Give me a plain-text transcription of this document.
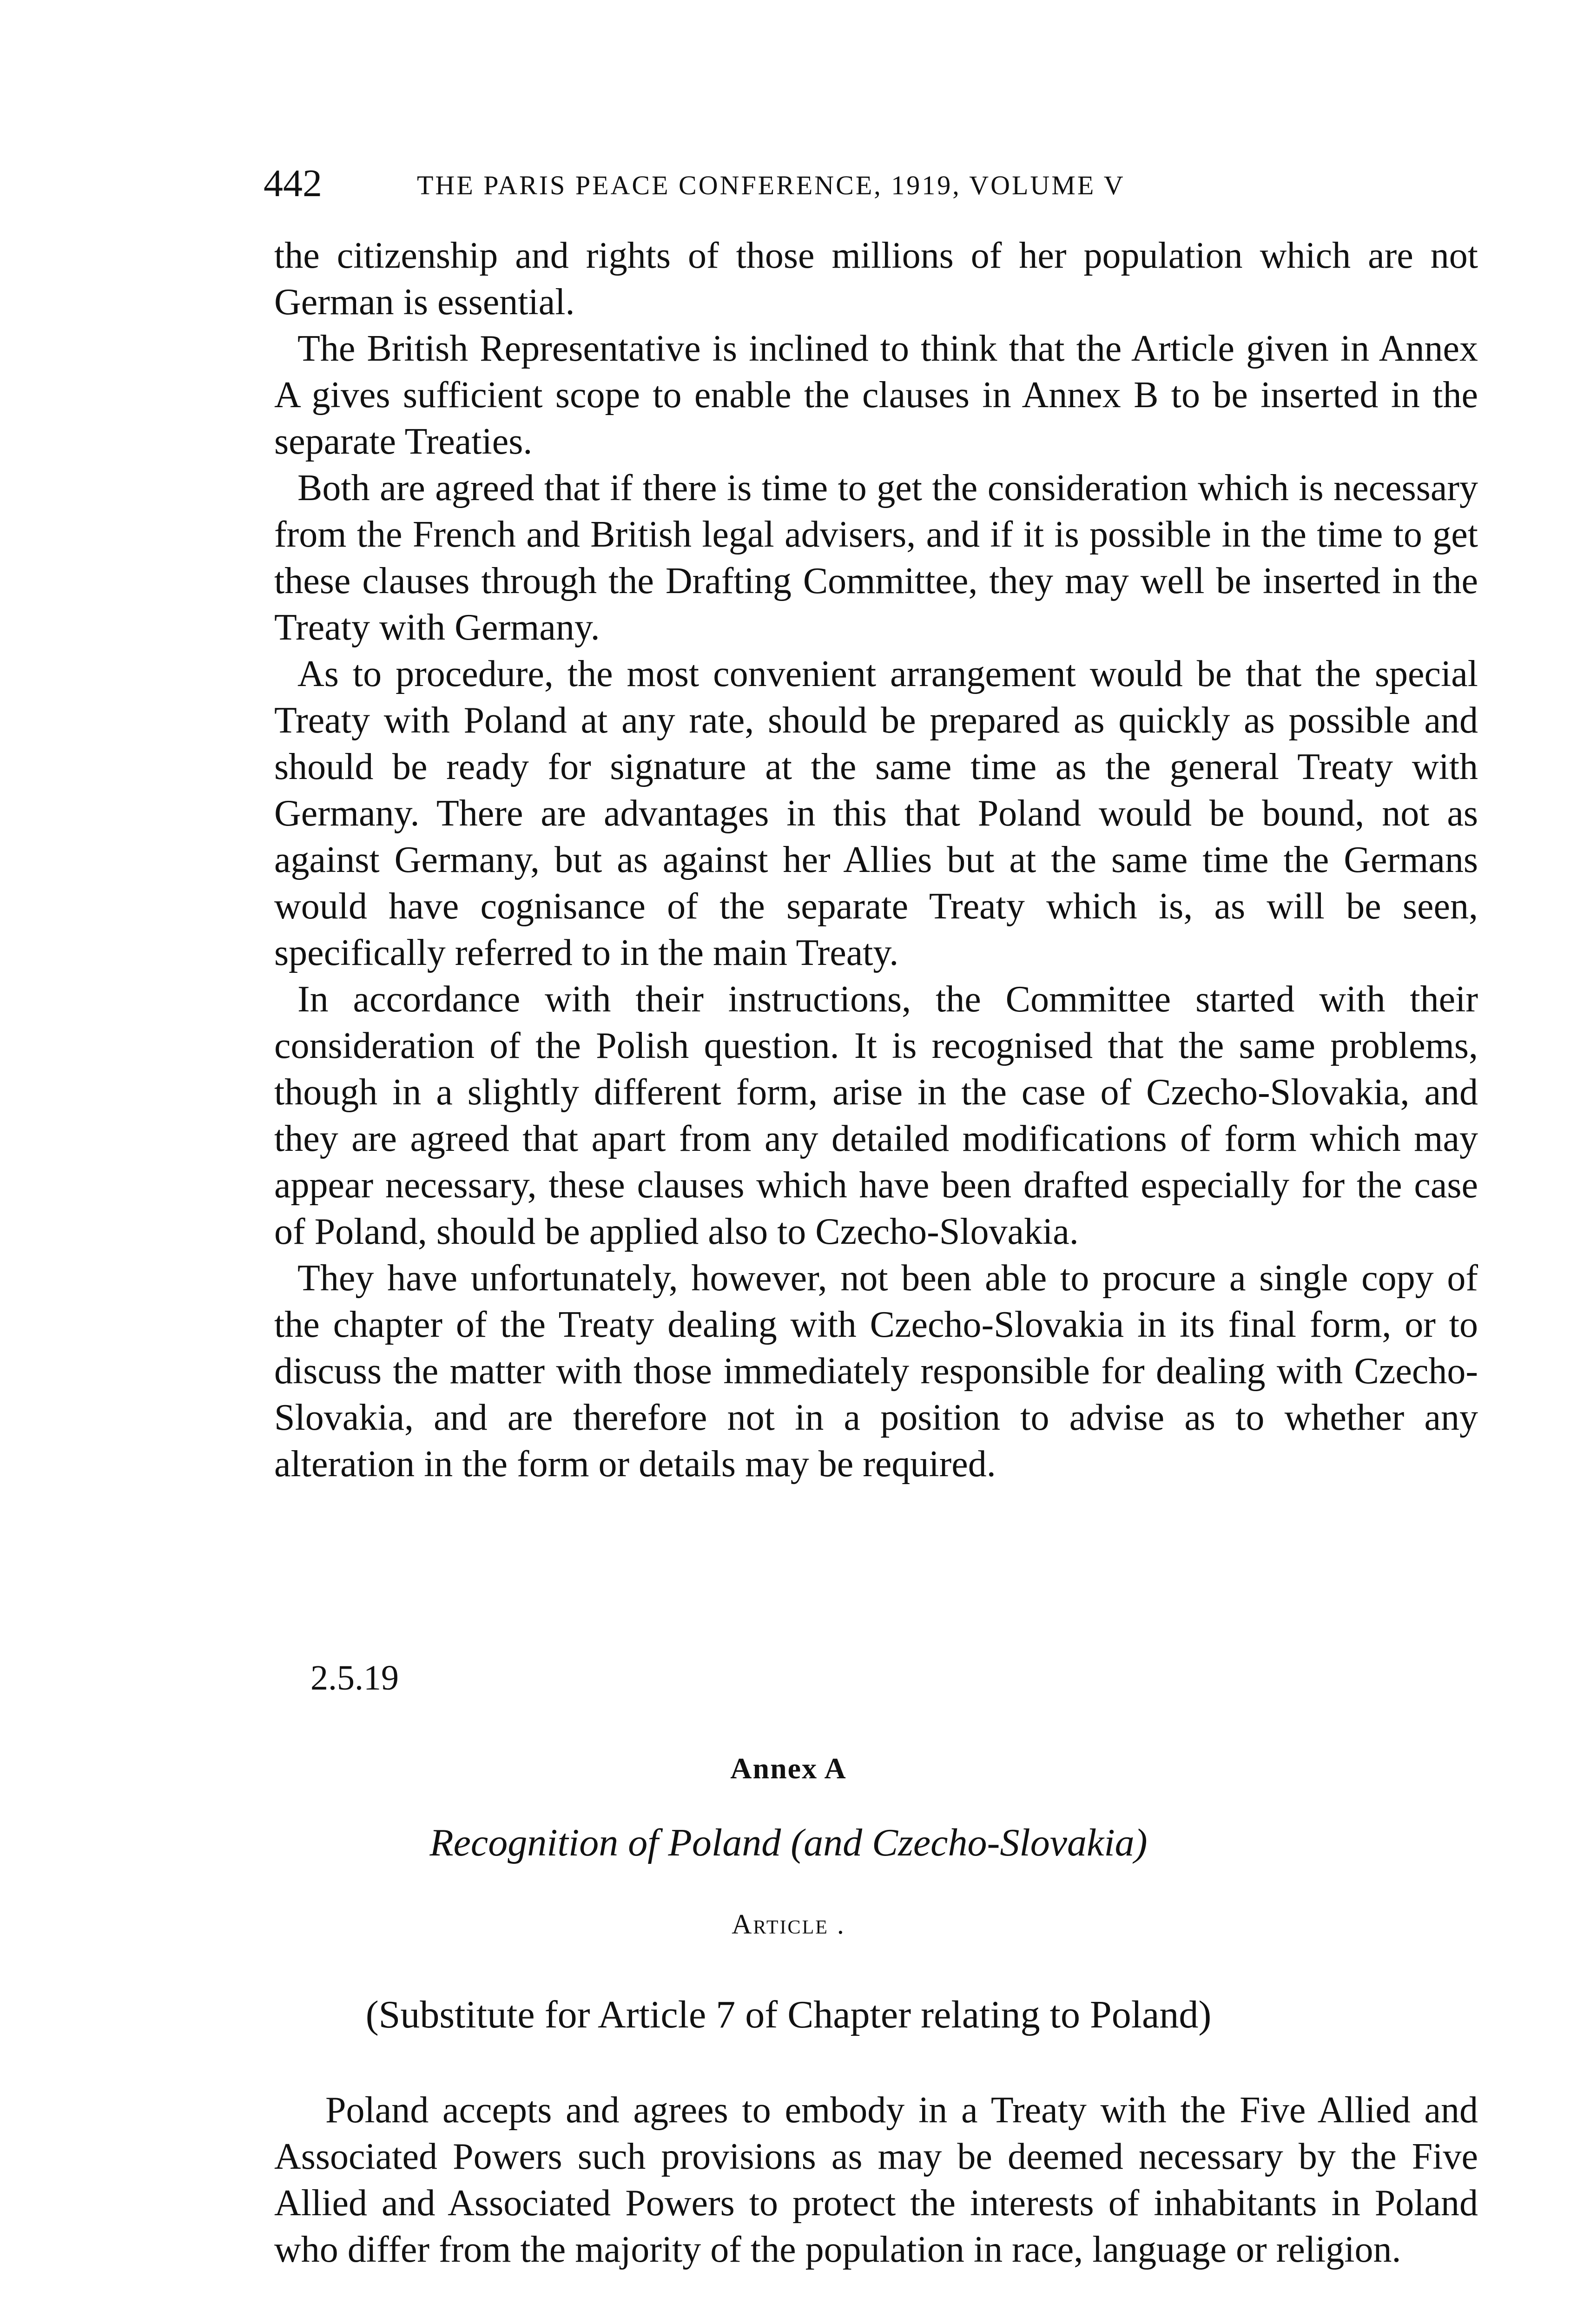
442	THE PARIS PEACE CONFERENCE, 1919, VOLUME V

the citizenship and rights of those millions of her population which are not German is essential.

The British Representative is inclined to think that the Article given in Annex A gives sufficient scope to enable the clauses in Annex B to be inserted in the separate Treaties.

Both are agreed that if there is time to get the consideration which is necessary from the French and British legal advisers, and if it is possible in the time to get these clauses through the Drafting Committee, they may well be inserted in the Treaty with Germany.

As to procedure, the most convenient arrangement would be that the special Treaty with Poland at any rate, should be prepared as quickly as possible and should be ready for signature at the same time as the general Treaty with Germany. There are advantages in this that Poland would be bound, not as against Germany, but as against her Allies but at the same time the Germans would have cognisance of the separate Treaty which is, as will be seen, specifically referred to in the main Treaty.

In accordance with their instructions, the Committee started with their consideration of the Polish question. It is recognised that the same problems, though in a slightly different form, arise in the case of Czecho-Slovakia, and they are agreed that apart from any detailed modifications of form which may appear necessary, these clauses which have been drafted especially for the case of Poland, should be applied also to Czecho-Slovakia.

They have unfortunately, however, not been able to procure a single copy of the chapter of the Treaty dealing with Czecho-Slovakia in its final form, or to discuss the matter with those immediately responsible for dealing with Czecho-Slovakia, and are therefore not in a position to advise as to whether any alteration in the form or details may be required.

2.5.19
Annex A
Recognition of Poland (and Czecho-Slovakia)
Article .
(Substitute for Article 7 of Chapter relating to Poland)
Poland accepts and agrees to embody in a Treaty with the Five Allied and Associated Powers such provisions as may be deemed necessary by the Five Allied and Associated Powers to protect the interests of inhabitants in Poland who differ from the majority of the population in race, language or religion.
